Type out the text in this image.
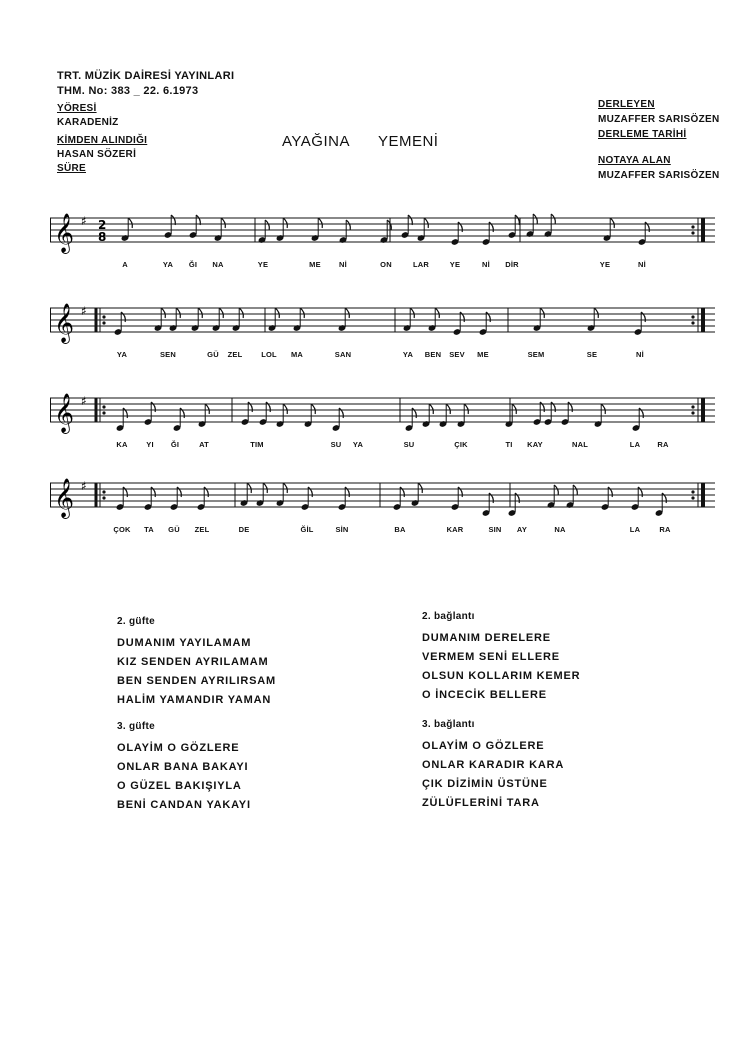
TRT. MÜZİK DAİRESİ YAYINLARI
THM. No: 383 _ 22. 6.1973
YÖRESİ
KARADENİZ
KİMDEN ALINDIĞI
HASAN SÖZERİ
SÜRE
DERLEYEN
MUZAFFER SARISÖZEN
DERLEME TARİHİ
NOTAYA ALAN
MUZAFFER SARISÖZEN
AYAĞINA YEMENİ
𝄞 ♯ 2
8
A	YA ĞI NA	YE	ME Nİ	ON	LAR	YE	Nİ DİR	YE	Nİ
𝄞 ♯
YA	SEN	GÜ ZEL	LOL MA	SAN	YA BEN SEV ME	SEM	SE	Nİ
𝄞 ♯
KA YI ĞI	AT	TIM	SU YA	SU	ÇIK	TI KAY	NAL	LA RA
𝄞 ♯
ÇOK TA GÜ ZEL	DE	ĞİL	SİN	BA	KAR	SIN AY	NA	LA	RA
2. güfte
DUMANIM YAYILAMAM
KIZ SENDEN AYRILAMAM
BEN SENDEN AYRILIRSAM
HALİM YAMANDIR YAMAN
2. bağlantı
DUMANIM DERELERE
VERMEM SENİ ELLERE
OLSUN KOLLARIM KEMER
O İNCECİK BELLERE
3. güfte
OLAYİM O GÖZLERE
ONLAR BANA BAKAYI
O GÜZEL BAKIŞIYLA
BENİ CANDAN YAKAYI
3. bağlantı
OLAYİM O GÖZLERE
ONLAR KARADIR KARA
ÇIK DİZİMİN ÜSTÜNE
ZÜLÜFLERİNİ TARA
